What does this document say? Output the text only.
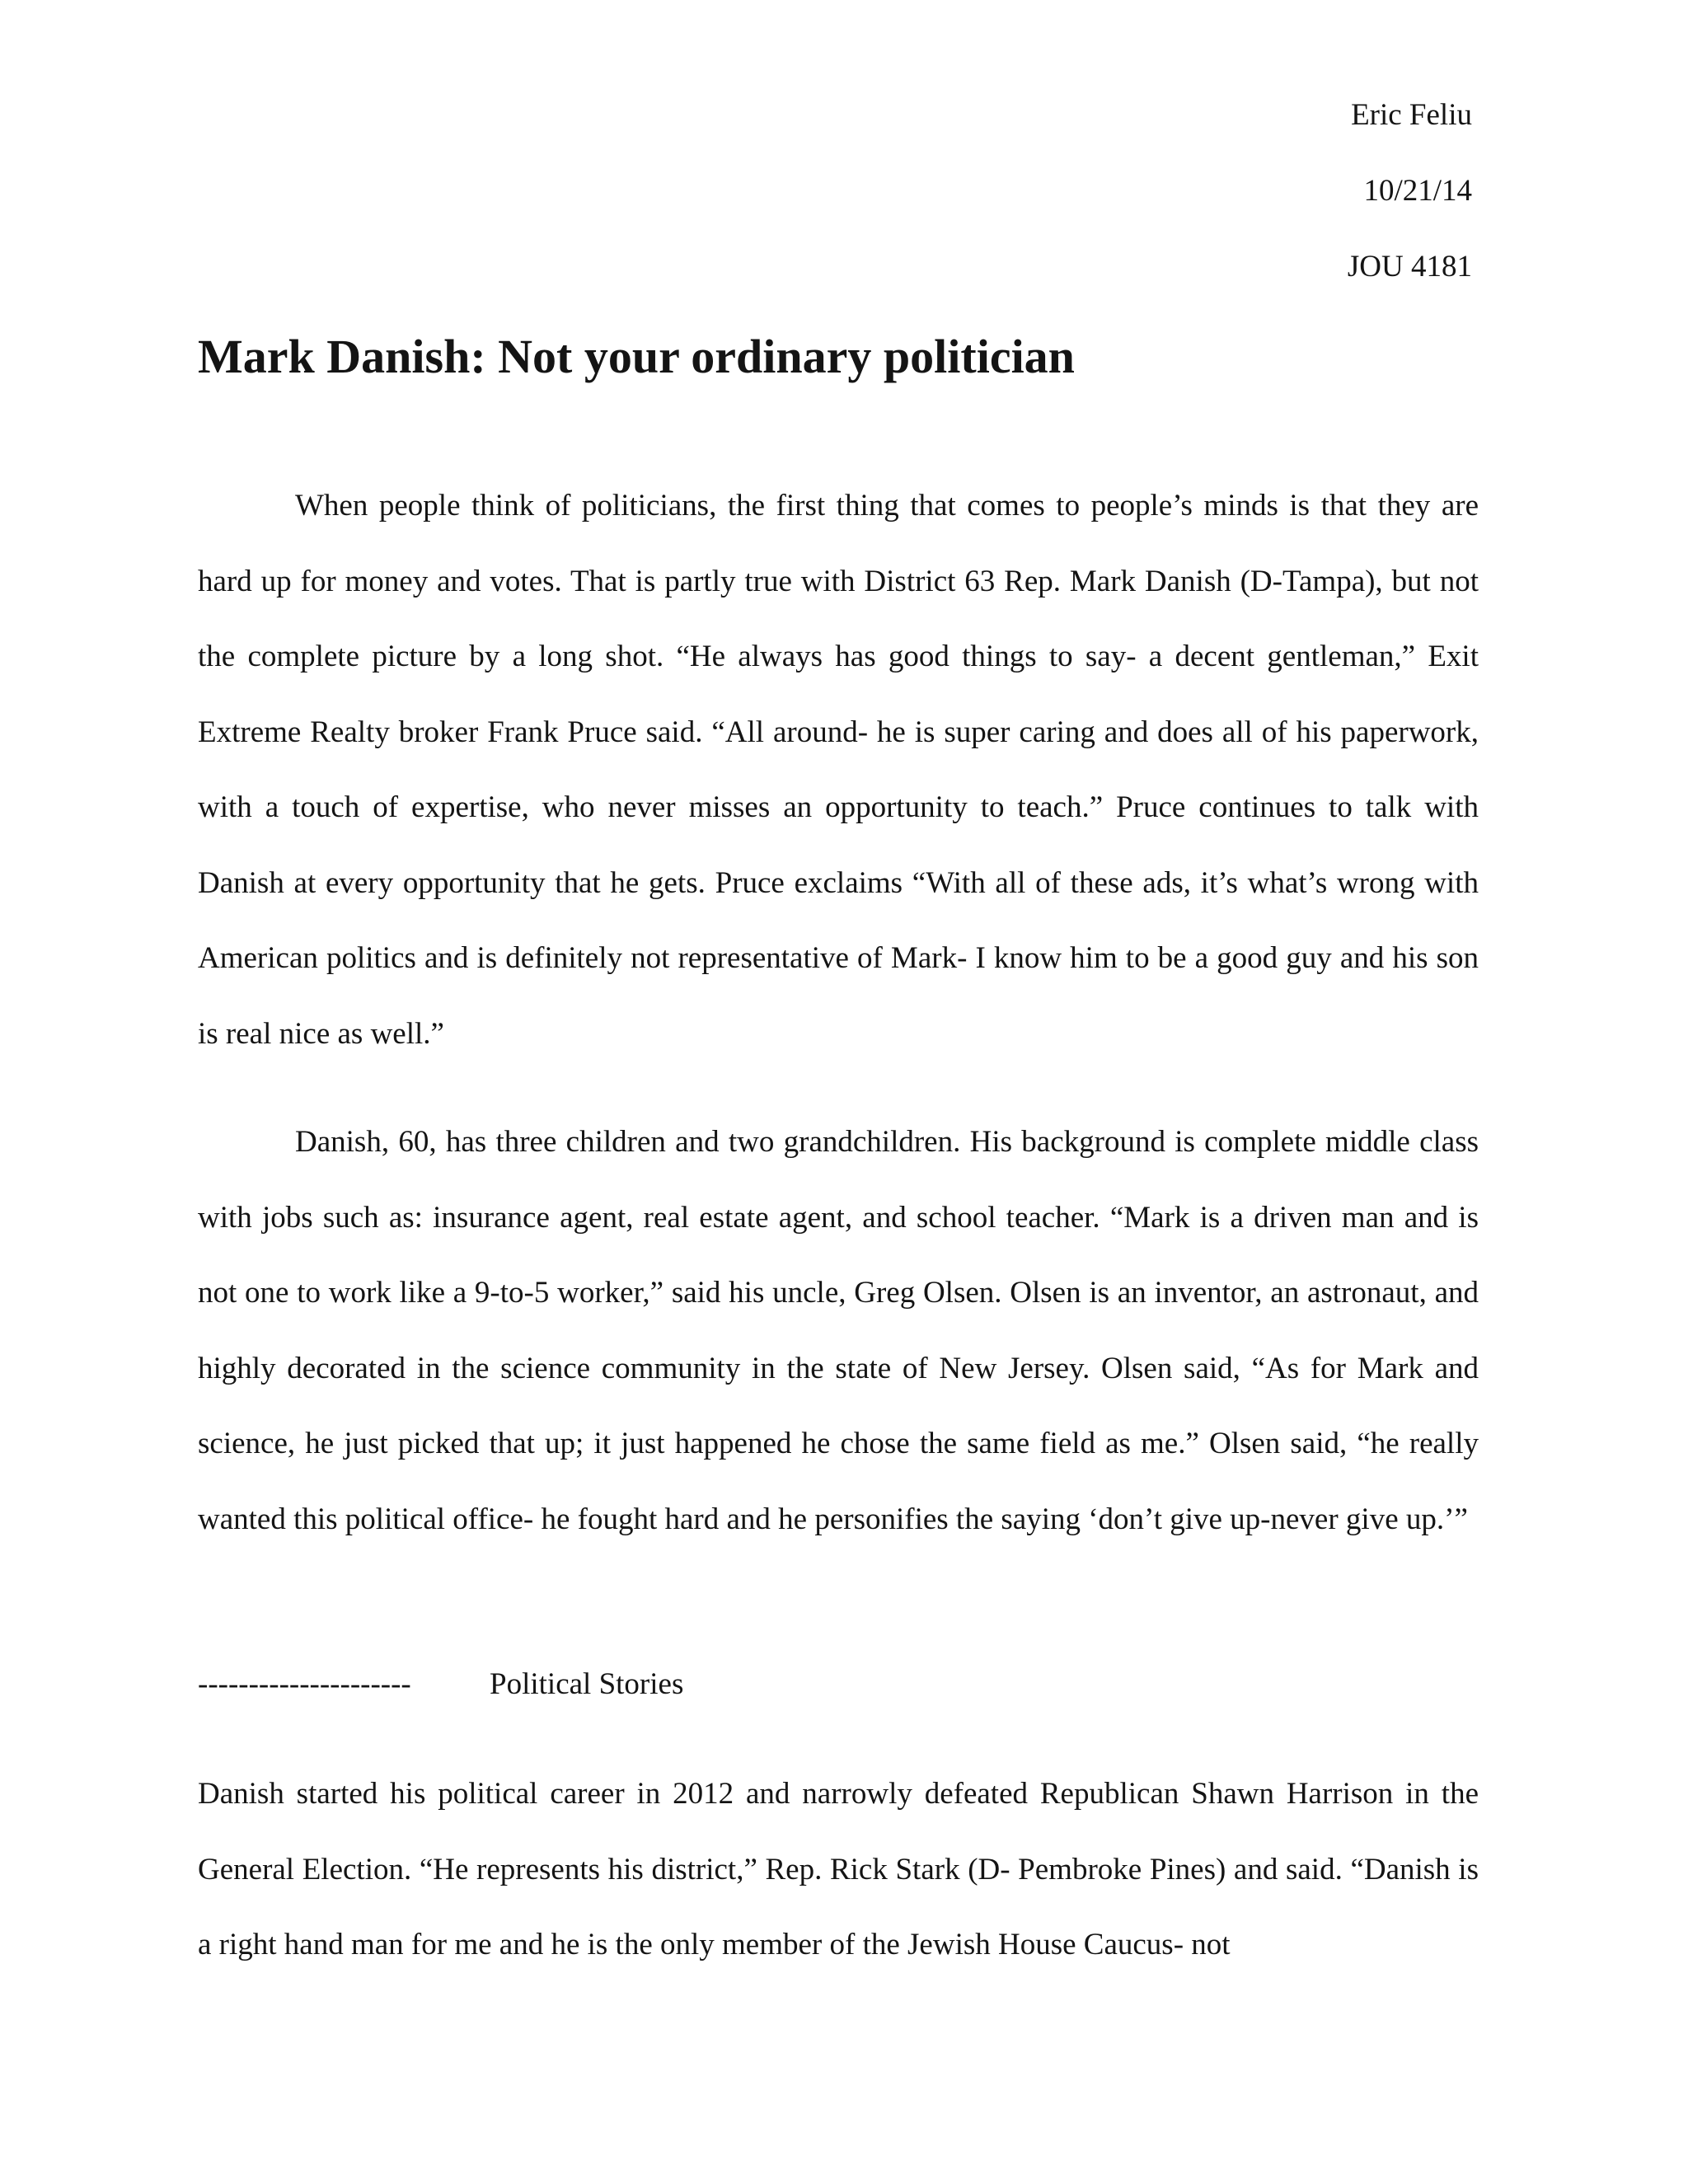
Eric Feliu
10/21/14
JOU 4181
Mark Danish: Not your ordinary politician

When people think of politicians, the first thing that comes to people’s minds is that they are hard up for money and votes. That is partly true with District 63 Rep. Mark Danish (D-Tampa), but not the complete picture by a long shot. “He always has good things to say- a decent gentleman,” Exit Extreme Realty broker Frank Pruce said. “All around- he is super caring and does all of his paperwork, with a touch of expertise, who never misses an opportunity to teach.” Pruce continues to talk with Danish at every opportunity that he gets. Pruce exclaims “With all of these ads, it’s what’s wrong with American politics and is definitely not representative of Mark- I know him to be a good guy and his son is real nice as well.”

Danish, 60, has three children and two grandchildren. His background is complete middle class with jobs such as: insurance agent, real estate agent, and school teacher. “Mark is a driven man and is not one to work like a 9-to-5 worker,” said his uncle, Greg Olsen. Olsen is an inventor, an astronaut, and highly decorated in the science community in the state of New Jersey. Olsen said, “As for Mark and science, he just picked that up; it just happened he chose the same field as me.” Olsen said, “he really wanted this political office- he fought hard and he personifies the saying ‘don’t give up-never give up.’”

---------------------	Political Stories

Danish started his political career in 2012 and narrowly defeated Republican Shawn Harrison in the General Election. “He represents his district,” Rep. Rick Stark (D- Pembroke Pines) and said. “Danish is a right hand man for me and he is the only member of the Jewish House Caucus- not
